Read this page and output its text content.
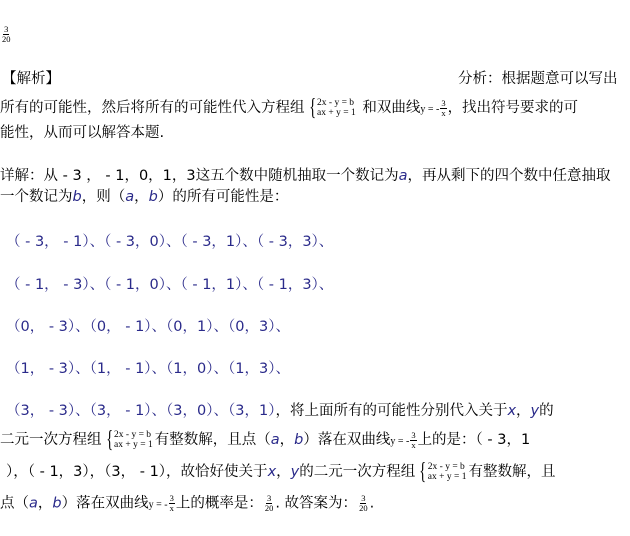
$\frac{3}{20}$
【解析】	分析：根据题意可以写出
所有的可能性，然后将所有的可能性代入方程组 { 2x - y = b
ax + y = 1 和双曲线y = - $\frac{3}{x}$ ，找出符号要求的可
能性，从而可以解答本题.
详解：从 - 3 ， - 1，0，1，3这五个数中随机抽取一个数记为a，再从剩下的四个数中任意抽取
一个数记为b，则（a，b）的所有可能性是：
（ - 3， - 1）、（ - 3，0）、（ - 3，1）、（ - 3，3）、
（ - 1， - 3）、（ - 1，0）、（ - 1，1）、（ - 1，3）、
（0， - 3）、（0， - 1）、（0，1）、（0，3）、
（1， - 3）、（1， - 1）、（1，0）、（1，3）、
（3， - 3）、（3， - 1）、（3，0）、（3，1），将上面所有的可能性分别代入关于x，y的
二元一次方程组 { 2x - y = b
ax + y = 1 有整数解，且点（a，b）落在双曲线y = - $\frac{3}{x}$ 上的是：（ - 3，1
），（ - 1，3），（3， - 1），故恰好使关于x，y的二元一次方程组 { 2x - y = b
ax + y = 1 有整数解，且
点（a，b）落在双曲线y = - $\frac{3}{x}$ 上的概率是： $\frac{3}{20}$ . 故答案为： $\frac{3}{20}$ .
